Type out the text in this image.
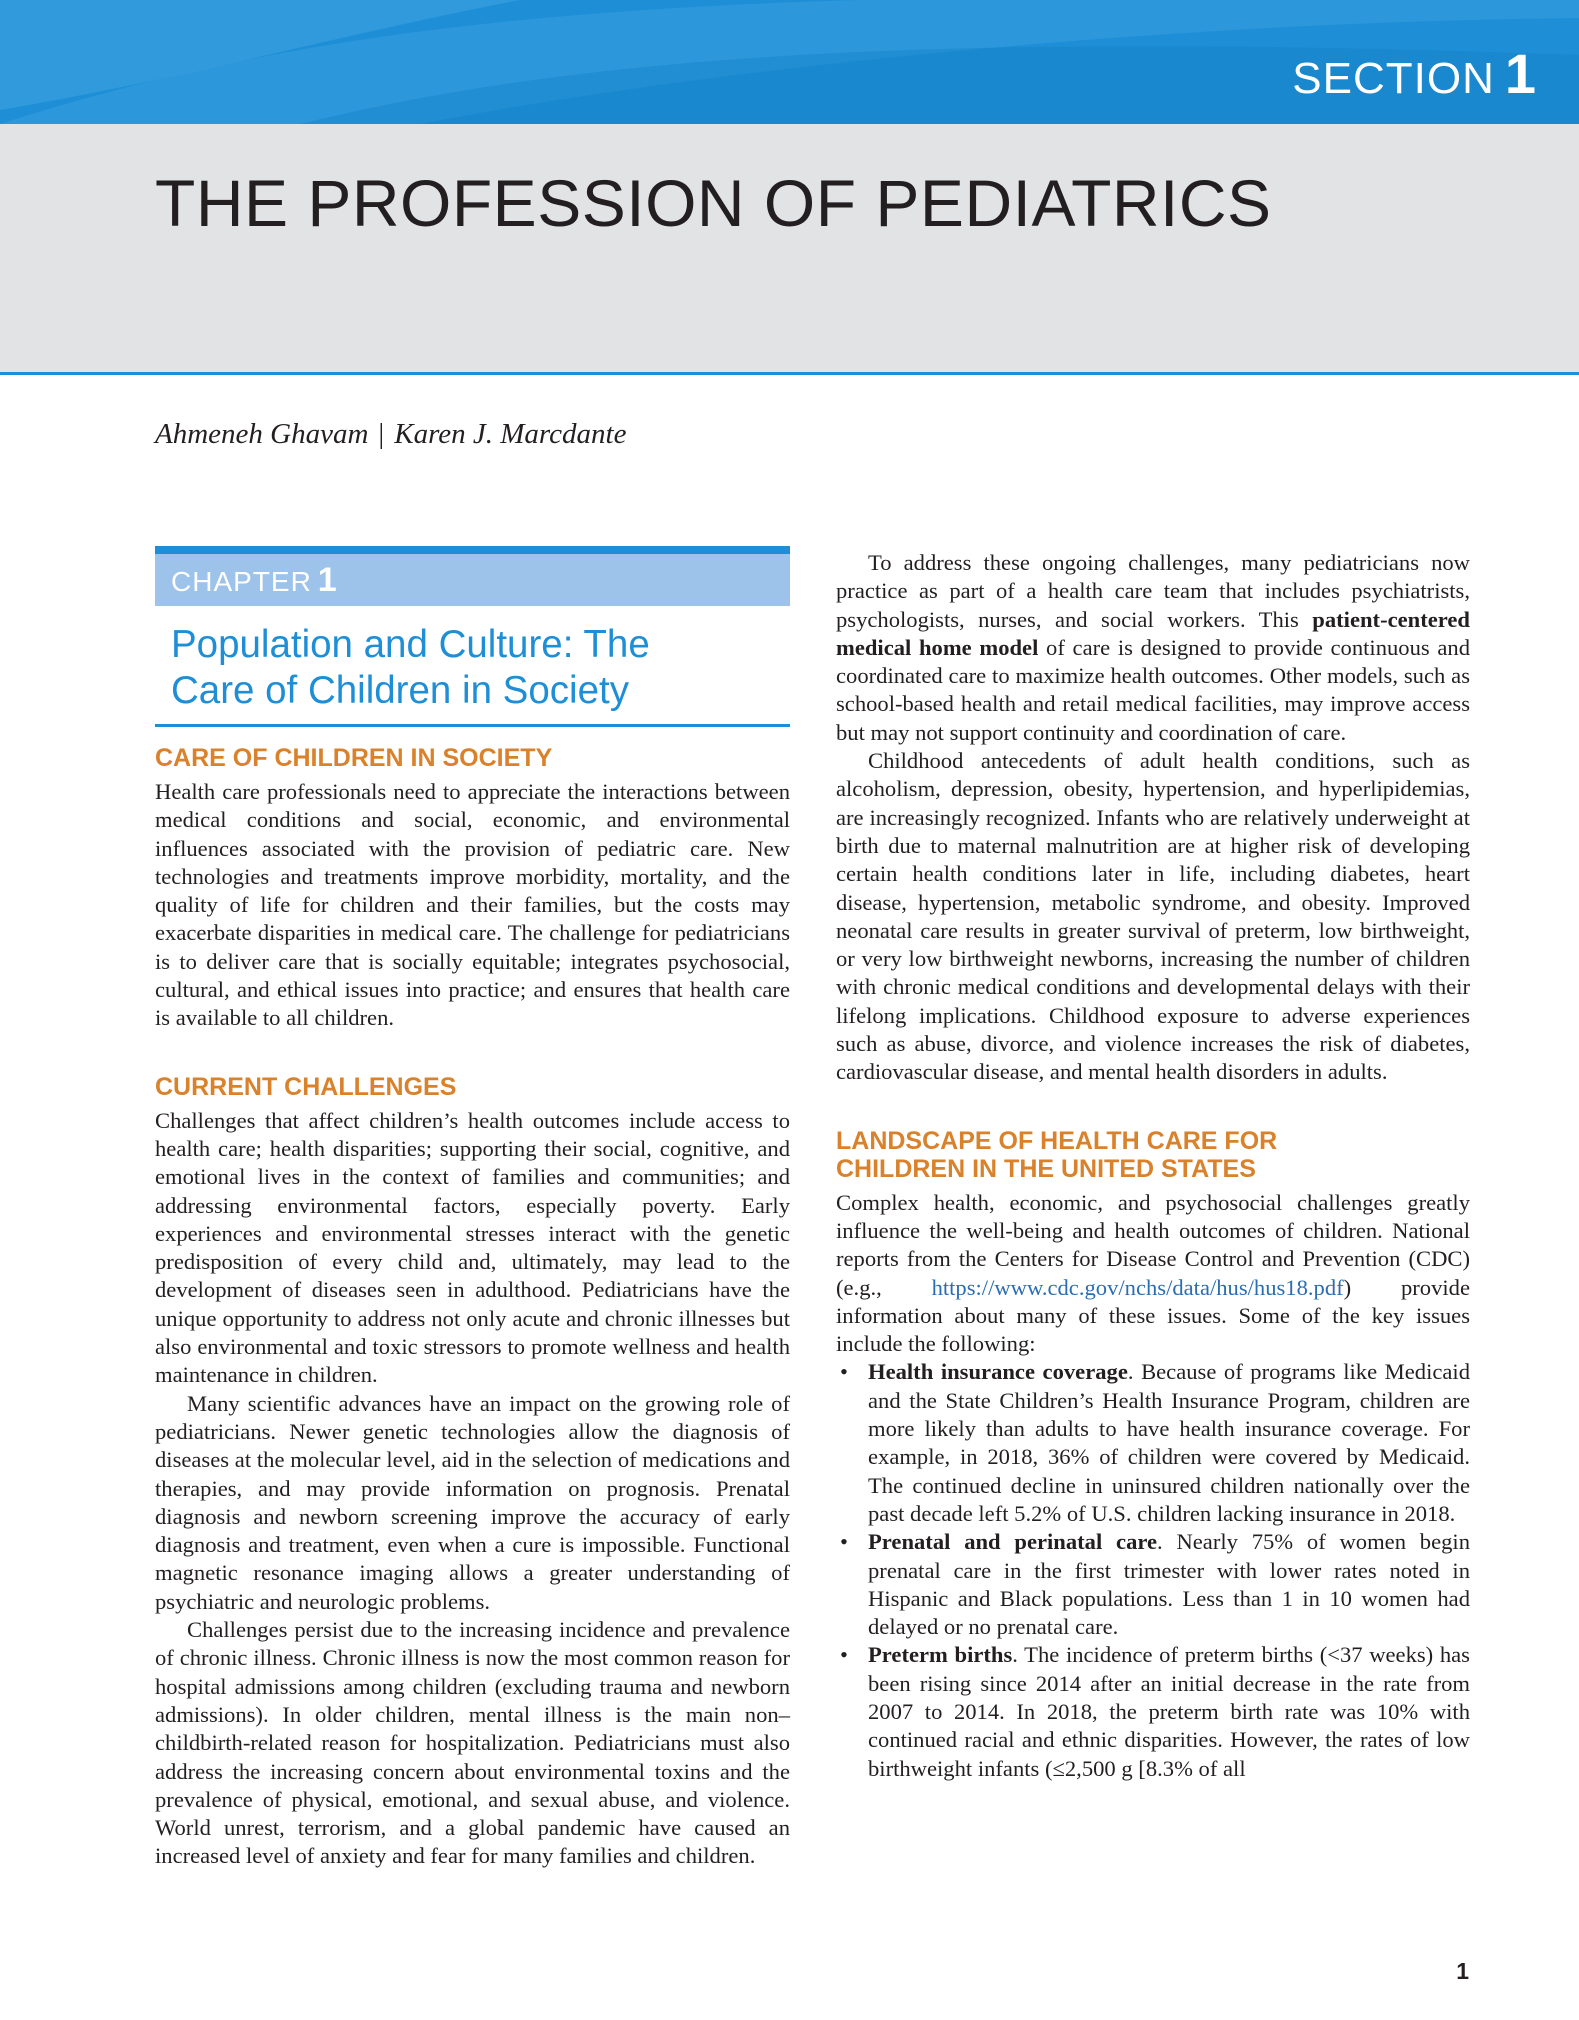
SECTION 1
THE PROFESSION OF PEDIATRICS
Ahmeneh Ghavam | Karen J. Marcdante
CHAPTER 1
Population and Culture: The
Care of Children in Society
CARE OF CHILDREN IN SOCIETY

Health care professionals need to appreciate the interactions between medical conditions and social, economic, and environmental influences associated with the provision of pediatric care. New technologies and treatments improve morbidity, mortality, and the quality of life for children and their families, but the costs may exacerbate disparities in medical care. The challenge for pediatricians is to deliver care that is socially equitable; integrates psychosocial, cultural, and ethical issues into practice; and ensures that health care is available to all children.

CURRENT CHALLENGES

Challenges that affect children’s health outcomes include access to health care; health disparities; supporting their social, cognitive, and emotional lives in the context of families and communities; and addressing environmental factors, especially poverty. Early experiences and environmental stresses interact with the genetic predisposition of every child and, ultimately, may lead to the development of diseases seen in adulthood. Pediatricians have the unique opportunity to address not only acute and chronic illnesses but also environmental and toxic stressors to promote wellness and health maintenance in children.

Many scientific advances have an impact on the growing role of pediatricians. Newer genetic technologies allow the diagnosis of diseases at the molecular level, aid in the selection of medications and therapies, and may provide information on prognosis. Prenatal diagnosis and newborn screening improve the accuracy of early diagnosis and treatment, even when a cure is impossible. Functional magnetic resonance imaging allows a greater understanding of psychiatric and neurologic problems.

Challenges persist due to the increasing incidence and prevalence of chronic illness. Chronic illness is now the most common reason for hospital admissions among children (excluding trauma and newborn admissions). In older children, mental illness is the main non–childbirth-related reason for hospitalization. Pediatricians must also address the increasing concern about environmental toxins and the prevalence of physical, emotional, and sexual abuse, and violence. World unrest, terrorism, and a global pandemic have caused an increased level of anxiety and fear for many families and children.

To address these ongoing challenges, many pediatricians now practice as part of a health care team that includes psychiatrists, psychologists, nurses, and social workers. This patient-centered medical home model of care is designed to provide continuous and coordinated care to maximize health outcomes. Other models, such as school-based health and retail medical facilities, may improve access but may not support continuity and coordination of care.

Childhood antecedents of adult health conditions, such as alcoholism, depression, obesity, hypertension, and hyperlipidemias, are increasingly recognized. Infants who are relatively underweight at birth due to maternal malnutrition are at higher risk of developing certain health conditions later in life, including diabetes, heart disease, hypertension, metabolic syndrome, and obesity. Improved neonatal care results in greater survival of preterm, low birthweight, or very low birthweight newborns, increasing the number of children with chronic medical conditions and developmental delays with their lifelong implications. Childhood exposure to adverse experiences such as abuse, divorce, and violence increases the risk of diabetes, cardiovascular disease, and mental health disorders in adults.

LANDSCAPE OF HEALTH CARE FOR
CHILDREN IN THE UNITED STATES

Complex health, economic, and psychosocial challenges greatly influence the well-being and health outcomes of children. National reports from the Centers for Disease Control and Prevention (CDC) (e.g., https://www.cdc.gov/nchs/data/hus/hus18.pdf) provide information about many of these issues. Some of the key issues include the following:

• Health insurance coverage. Because of programs like Medicaid and the State Children’s Health Insurance Program, children are more likely than adults to have health insurance coverage. For example, in 2018, 36% of children were covered by Medicaid. The continued decline in uninsured children nationally over the past decade left 5.2% of U.S. children lacking insurance in 2018.
• Prenatal and perinatal care. Nearly 75% of women begin prenatal care in the first trimester with lower rates noted in Hispanic and Black populations. Less than 1 in 10 women had delayed or no prenatal care.
• Preterm births. The incidence of preterm births (<37 weeks) has been rising since 2014 after an initial decrease in the rate from 2007 to 2014. In 2018, the preterm birth rate was 10% with continued racial and ethnic disparities. However, the rates of low birthweight infants (≤2,500 g [8.3% of all
1
